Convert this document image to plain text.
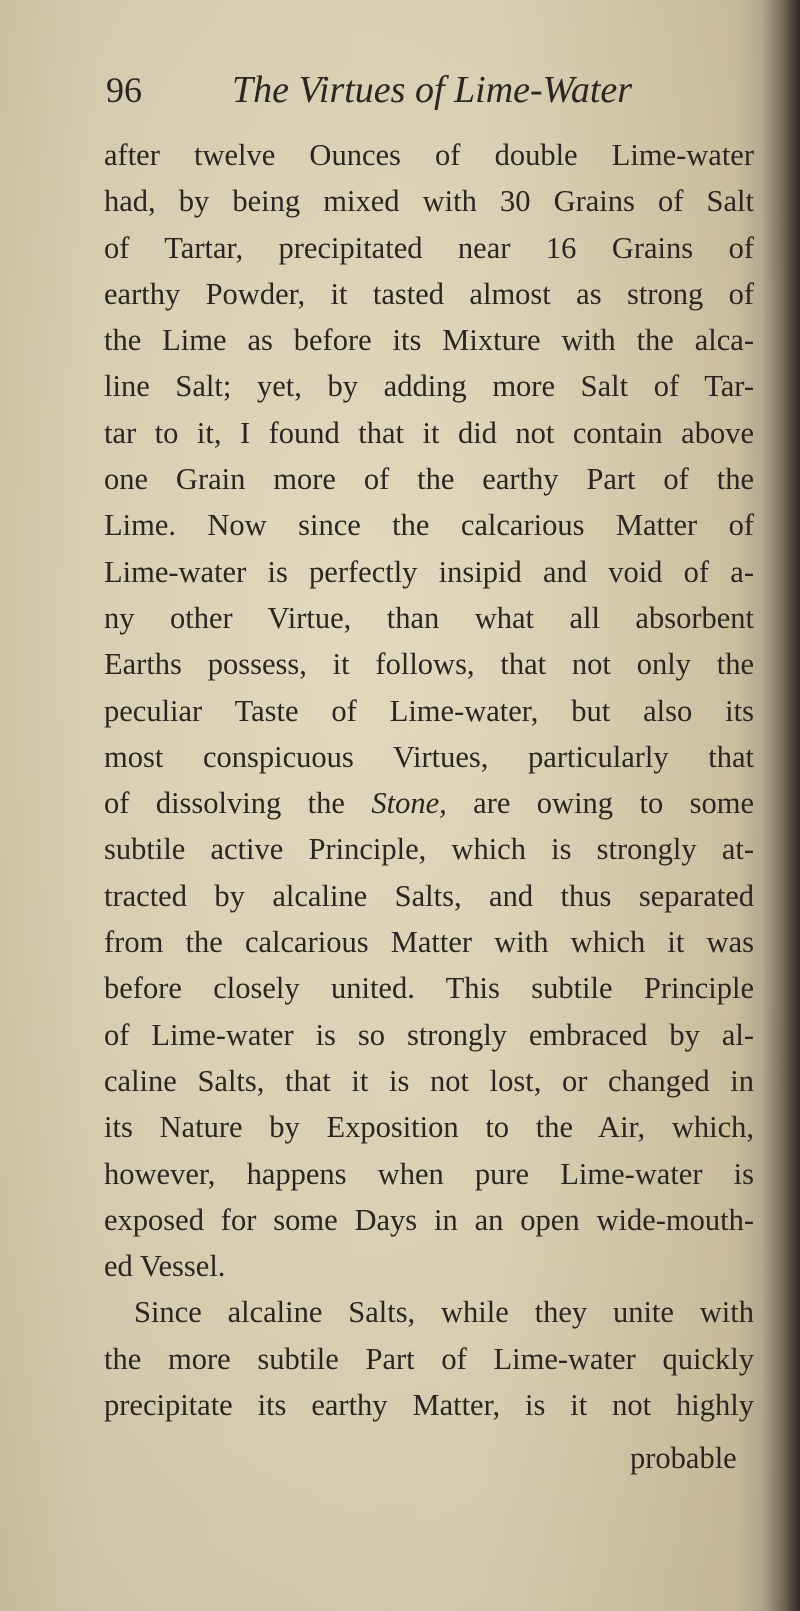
96 The Virtues of Lime-Water
after twelve Ounces of double Lime-water
had, by being mixed with 30 Grains of Salt
of Tartar, precipitated near 16 Grains of
earthy Powder, it tasted almost as strong of
the Lime as before its Mixture with the alca-
line Salt; yet, by adding more Salt of Tar-
tar to it, I found that it did not contain above
one Grain more of the earthy Part of the
Lime. Now since the calcarious Matter of
Lime-water is perfectly insipid and void of a-
ny other Virtue, than what all absorbent
Earths possess, it follows, that not only the
peculiar Taste of Lime-water, but also its
most conspicuous Virtues, particularly that
of dissolving the Stone, are owing to some
subtile active Principle, which is strongly at-
tracted by alcaline Salts, and thus separated
from the calcarious Matter with which it was
before closely united. This subtile Principle
of Lime-water is so strongly embraced by al-
caline Salts, that it is not lost, or changed in
its Nature by Exposition to the Air, which,
however, happens when pure Lime-water is
exposed for some Days in an open wide-mouth-
ed Vessel.
Since alcaline Salts, while they unite with
the more subtile Part of Lime-water quickly
precipitate its earthy Matter, is it not highly
probable
